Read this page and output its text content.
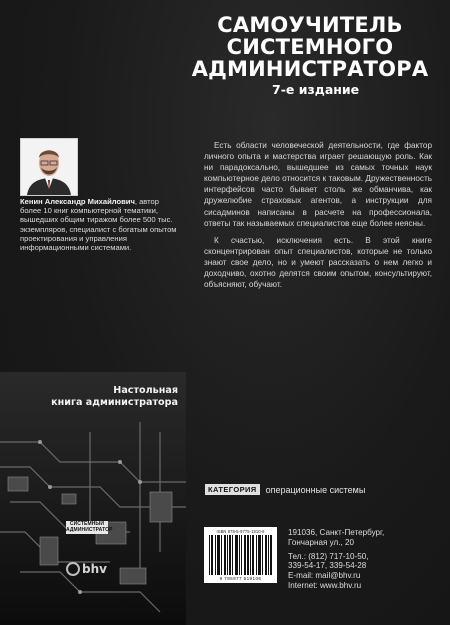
САМОУЧИТЕЛЬ
СИСТЕМНОГО
АДМИНИСТРАТОРА
7-е издание
Кенин Александр Михайлович, автор более 10 книг компьютерной тематики, вышедших общим тиражом более 500 тыс. экземпляров, специалист с богатым опытом проектирования и управления информационными системами.

Есть области человеческой деятельности, где фактор личного опыта и мастерства играет решающую роль. Как ни парадоксально, вышедшее из самых точных наук компьютерное дело относится к таковым. Дружественность интерфейсов часто бывает столь же обманчива, как дружелюбие страховых агентов, а инструкции для сисадминов написаны в расчете на профессионала, ответы так называемых специалистов еще более неясны.

К счастью, исключения есть. В этой книге сконцентрирован опыт специалистов, которые не только знают свое дело, но и умеют рассказать о нем легко и доходчиво, охотно делятся своим опытом, консультируют, объясняют, обучают.

Настольная
книга администратора
СИСТЕМНЫЙ
АДМИНИСТРАТОР
bhv
КАТЕГОРИЯ	операционные системы
ISBN 978-5-9775-1910-6
9 785977 519106
191036, Санкт-Петербург,
Гончарная ул., 20
Тел.: (812) 717-10-50,
339-54-17, 339-54-28
E-mail: mail@bhv.ru
Internet: www.bhv.ru
